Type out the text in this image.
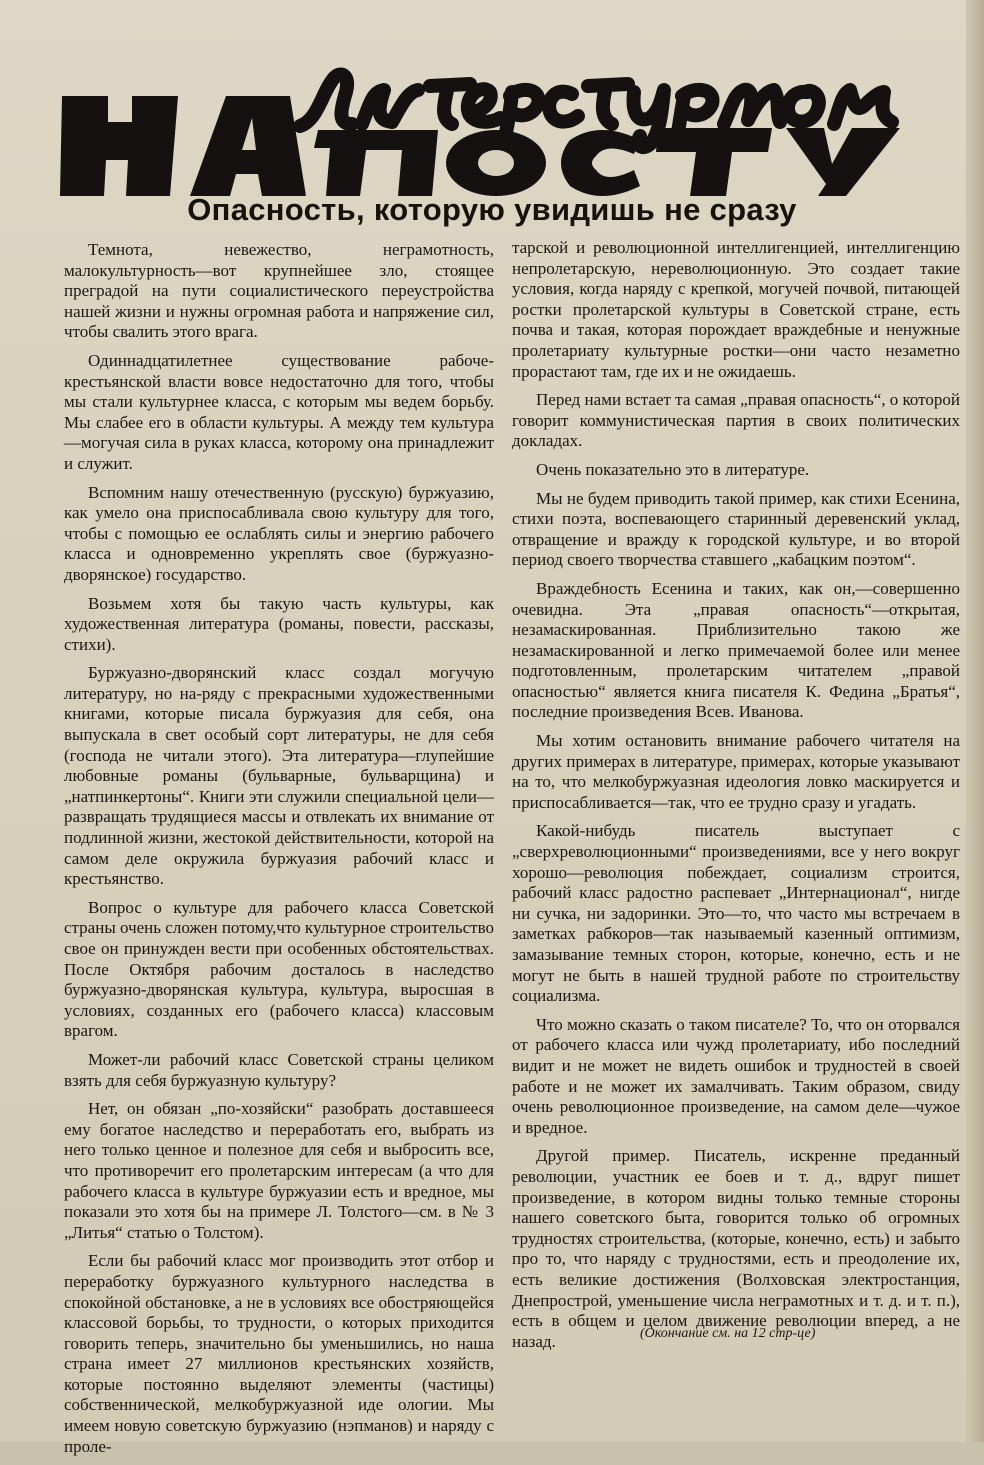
Опасность, которую увидишь не сразу

Темнота, невежество, неграмотность, малокультурность—вот крупнейшее зло, стоящее преградой на пути социалистического переустройства нашей жизни и нужны огромная работа и напряжение сил, чтобы свалить этого врага.

Одиннадцатилетнее существование рабоче-крестьянской власти вовсе недостаточно для того, чтобы мы стали культурнее класса, с которым мы ведем борьбу. Мы слабее его в области культуры. А между тем культура—могучая сила в руках класса, которому она принадлежит и служит.

Вспомним нашу отечественную (русскую) буржуазию, как умело она приспосабливала свою культуру для того, чтобы с помощью ее ослаблять силы и энергию рабочего класса и одновременно укреплять свое (буржуазно-дворянское) государство.

Возьмем хотя бы такую часть культуры, как художественная литература (романы, повести, рассказы, стихи).

Буржуазно-дворянский класс создал могучую литературу, но на-ряду с прекрасными художественными книгами, которые писала буржуазия для себя, она выпускала в свет особый сорт литературы, не для себя (господа не читали этого). Эта литература—глупейшие любовные романы (бульварные, бульварщина) и „натпинкертоны“. Книги эти служили специальной цели—развращать трудящиеся массы и отвлекать их внимание от подлинной жизни, жестокой действительности, которой на самом деле окружила буржуазия рабочий класс и крестьянство.

Вопрос о культуре для рабочего класса Советской страны очень сложен потому,что культурное строительство свое он принужден вести при особенных обстоятельствах. После Октября рабочим досталось в наследство буржуазно-дворянская культура, культура, выросшая в условиях, созданных его (рабочего класса) классовым врагом.

Может-ли рабочий класс Советской страны целиком взять для себя буржуазную культуру?

Нет, он обязан „по-хозяйски“ разобрать доставшееся ему богатое наследство и переработать его, выбрать из него только ценное и полезное для себя и выбросить все, что противоречит его пролетарским интересам (а что для рабочего класса в культуре буржуазии есть и вредное, мы показали это хотя бы на примере Л. Толстого—см. в № 3 „Литья“ статью о Толстом).

Если бы рабочий класс мог производить этот отбор и переработку буржуазного культурного наследства в спокойной обстановке, а не в условиях все обостряющейся классовой борьбы, то трудности, о которых приходится говорить теперь, значительно бы уменьшились, но наша страна имеет 27 миллионов крестьянских хозяйств, которые постоянно выделяют элементы (частицы) собственнической, мелкобуржуазной иде ологии. Мы имеем новую советскую буржуазию (нэпманов) и наряду с проле-

тарской и революционной интеллигенцией, интеллигенцию непролетарскую, нереволюционную. Это создает такие условия, когда наряду с крепкой, могучей почвой, питающей ростки пролетарской культуры в Советской стране, есть почва и такая, которая порождает враждебные и ненужные пролетариату культурные ростки—они часто незаметно прорастают там, где их и не ожидаешь.

Перед нами встает та самая „правая опасность“, о которой говорит коммунистическая партия в своих политических докладах.

Очень показательно это в литературе.

Мы не будем приводить такой пример, как стихи Есенина, стихи поэта, воспевающего старинный деревенский уклад, отвращение и вражду к городской культуре, и во второй период своего творчества ставшего „кабацким поэтом“.

Враждебность Есенина и таких, как он,—совершенно очевидна. Эта „правая опасность“—открытая, незамаскированная. Приблизительно такою же незамаскированной и легко примечаемой более или менее подготовленным, пролетарским читателем „правой опасностью“ является книга писателя К. Федина „Братья“, последние произведения Всев. Иванова.

Мы хотим остановить внимание рабочего читателя на других примерах в литературе, примерах, которые указывают на то, что мелкобуржуазная идеология ловко маскируется и приспосабливается—так, что ее трудно сразу и угадать.

Какой-нибудь писатель выступает с „сверхреволюционными“ произведениями, все у него вокруг хорошо—революция побеждает, социализм строится, рабочий класс радостно распевает „Интернационал“, нигде ни сучка, ни задоринки. Это—то, что часто мы встречаем в заметках рабкоров—так называемый казенный оптимизм, замазывание темных сторон, которые, конечно, есть и не могут не быть в нашей трудной работе по строительству социализма.

Что можно сказать о таком писателе? То, что он оторвался от рабочего класса или чужд пролетариату, ибо последний видит и не может не видеть ошибок и трудностей в своей работе и не может их замалчивать. Таким образом, свиду очень революционное произведение, на самом деле—чужое и вредное.

Другой пример. Писатель, искренне преданный революции, участник ее боев и т. д., вдруг пишет произведение, в котором видны только темные стороны нашего советского быта, говорится только об огромных трудностях строительства, (которые, конечно, есть) и забыто про то, что наряду с трудностями, есть и преодоление их, есть великие достижения (Волховская электростанция, Днепрострой, уменьшение числа неграмотных и т. д. и т. п.), есть в общем и целом движение революции вперед, а не назад.	(Окончание см. на 12 стр-це)
